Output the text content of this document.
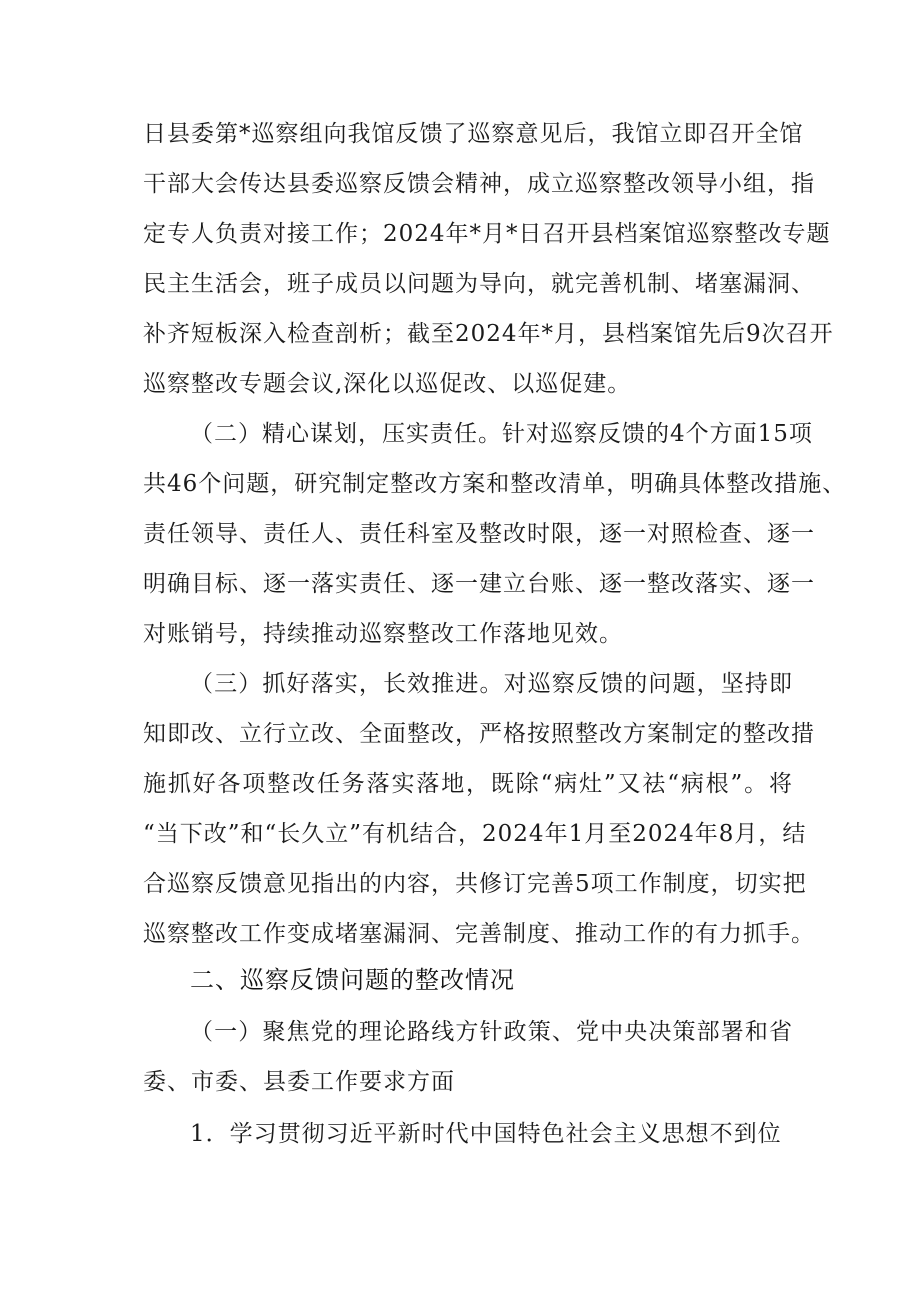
日县委第*巡察组向我馆反馈了巡察意见后，我馆立即召开全馆
干部大会传达县委巡察反馈会精神，成立巡察整改领导小组，指
定专人负责对接工作；2024年*月*日召开县档案馆巡察整改专题
民主生活会，班子成员以问题为导向，就完善机制、堵塞漏洞、
补齐短板深入检查剖析；截至2024年*月，县档案馆先后9次召开
巡察整改专题会议,深化以巡促改、以巡促建。
（二）精心谋划，压实责任。针对巡察反馈的4个方面15项
共46个问题，研究制定整改方案和整改清单，明确具体整改措施、
责任领导、责任人、责任科室及整改时限，逐一对照检查、逐一
明确目标、逐一落实责任、逐一建立台账、逐一整改落实、逐一
对账销号，持续推动巡察整改工作落地见效。
（三）抓好落实，长效推进。对巡察反馈的问题，坚持即
知即改、立行立改、全面整改，严格按照整改方案制定的整改措
施抓好各项整改任务落实落地，既除“病灶”又祛“病根”。将
“当下改”和“长久立”有机结合，2024年1月至2024年8月，结
合巡察反馈意见指出的内容，共修订完善5项工作制度，切实把
巡察整改工作变成堵塞漏洞、完善制度、推动工作的有力抓手。
二、巡察反馈问题的整改情况
（一）聚焦党的理论路线方针政策、党中央决策部署和省
委、市委、县委工作要求方面
1．学习贯彻习近平新时代中国特色社会主义思想不到位
